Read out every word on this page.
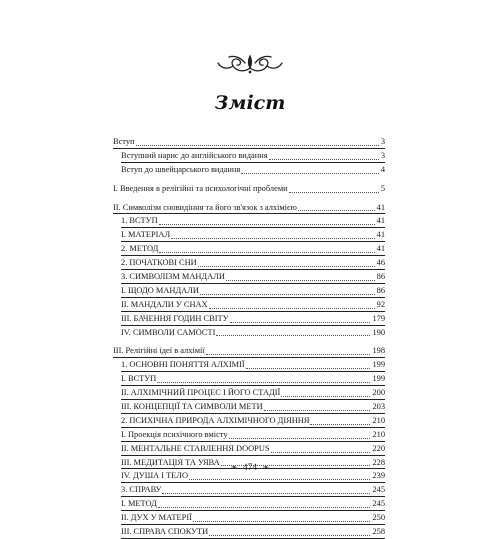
Зміст
Вступ	3
Вступний нарис до англійського видання	3
Вступ до швейцарського видання	4
І. Введення в релігійні та психологічні проблеми	5
ІІ. Символізм сновидіння та його зв'язок з алхімією	41
1. ВСТУП	41
І. МАТЕРІАЛ	41
2. МЕТОД	41
2. ПОЧАТКОВІ СНИ	46
3. СИМВОЛІЗМ МАНДАЛИ	86
І. ЩОДО МАНДАЛИ	86
ІІ. МАНДАЛИ У СНАХ	92
ІІІ. БАЧЕННЯ ГОДИН СВІТУ	179
IV. СИМВОЛИ САМОСТІ	190
ІІІ. Релігійні ідеї в алхімії	198
1. ОСНОВНІ ПОНЯТТЯ АЛХІМІЇ	199
І. ВСТУП	199
ІІ. АЛХІМІЧНИЙ ПРОЦЕС І ЙОГО СТАДІЇ	200
ІІІ. КОНЦЕПЦІЇ ТА СИМВОЛИ МЕТИ	203
2. ПСИХІЧНА ПРИРОДА АЛХІМІЧНОГО ДІЯННЯ	210
І. Проекція психічного вмісту	210
ІІ. МЕНТАЛЬНЕ СТАВЛЕННЯ DOOPUS	220
ІІІ. МЕДИТАЦІЯ ТА УЯВА	228
IV. ДУША І ТЕЛО	239
3. СПРАВУ	245
І. МЕТОД	245
ІІ. ДУХ У МАТЕРІЇ	250
ІІІ. СПРАВА СПОКУТИ	258
❧ 474 ❧
